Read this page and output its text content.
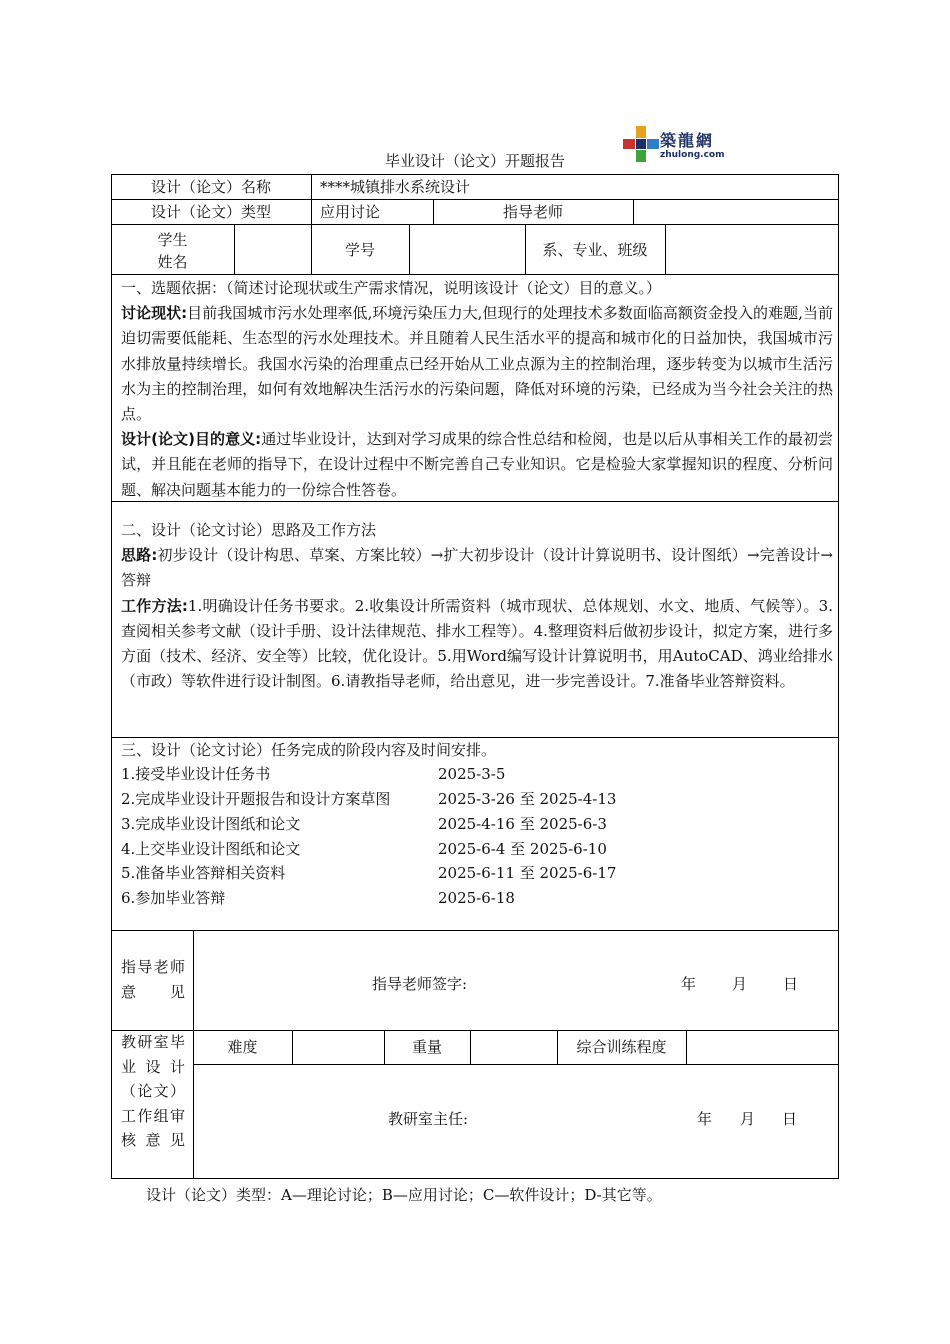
築龍網
zhulong.com
毕业设计（论文）开题报告
设计（论文）名称	****城镇排水系统设计
设计（论文）类型	应用讨论	指导老师
学生
姓名
学号	系、专业、班级
一、选题依据：（简述讨论现状或生产需求情况，说明该设计（论文）目的意义。）
讨论现状:目前我国城市污水处理率低,环境污染压力大,但现行的处理技术多数面临高额资金投入的难题,当前迫切需要低能耗、生态型的污水处理技术。并且随着人民生活水平的提高和城市化的日益加快，我国城市污水排放量持续增长。我国水污染的治理重点已经开始从工业点源为主的控制治理，逐步转变为以城市生活污水为主的控制治理，如何有效地解决生活污水的污染问题，降低对环境的污染，已经成为当今社会关注的热点。
设计(论文)目的意义:通过毕业设计，达到对学习成果的综合性总结和检阅，也是以后从事相关工作的最初尝试，并且能在老师的指导下，在设计过程中不断完善自己专业知识。它是检验大家掌握知识的程度、分析问题、解决问题基本能力的一份综合性答卷。
二、设计（论文讨论）思路及工作方法
思路:初步设计（设计构思、草案、方案比较）→扩大初步设计（设计计算说明书、设计图纸）→完善设计→答辩
工作方法:1.明确设计任务书要求。2.收集设计所需资料（城市现状、总体规划、水文、地质、气候等）。3.查阅相关参考文献（设计手册、设计法律规范、排水工程等）。4.整理资料后做初步设计，拟定方案，进行多方面（技术、经济、安全等）比较，优化设计。5.用Word编写设计计算说明书，用AutoCAD、鸿业给排水（市政）等软件进行设计制图。6.请教指导老师，给出意见，进一步完善设计。7.准备毕业答辩资料。
三、设计（论文讨论）任务完成的阶段内容及时间安排。
1.接受毕业设计任务书	2025-3-5
2.完成毕业设计开题报告和设计方案草图	2025-3-26 至 2025-4-13
3.完成毕业设计图纸和论文	2025-4-16 至 2025-6-3
4.上交毕业设计图纸和论文	2025-6-4 至 2025-6-10
5.准备毕业答辩相关资料	2025-6-11 至 2025-6-17
6.参加毕业答辩	2025-6-18
指导老师意见	指导老师签字:	年 月 日
教研室毕业设计（论文）工作组审核意见
难度	重量	综合训练程度
教研室主任:	年 月 日
设计（论文）类型：A—理论讨论；B—应用讨论；C—软件设计；D-其它等。
